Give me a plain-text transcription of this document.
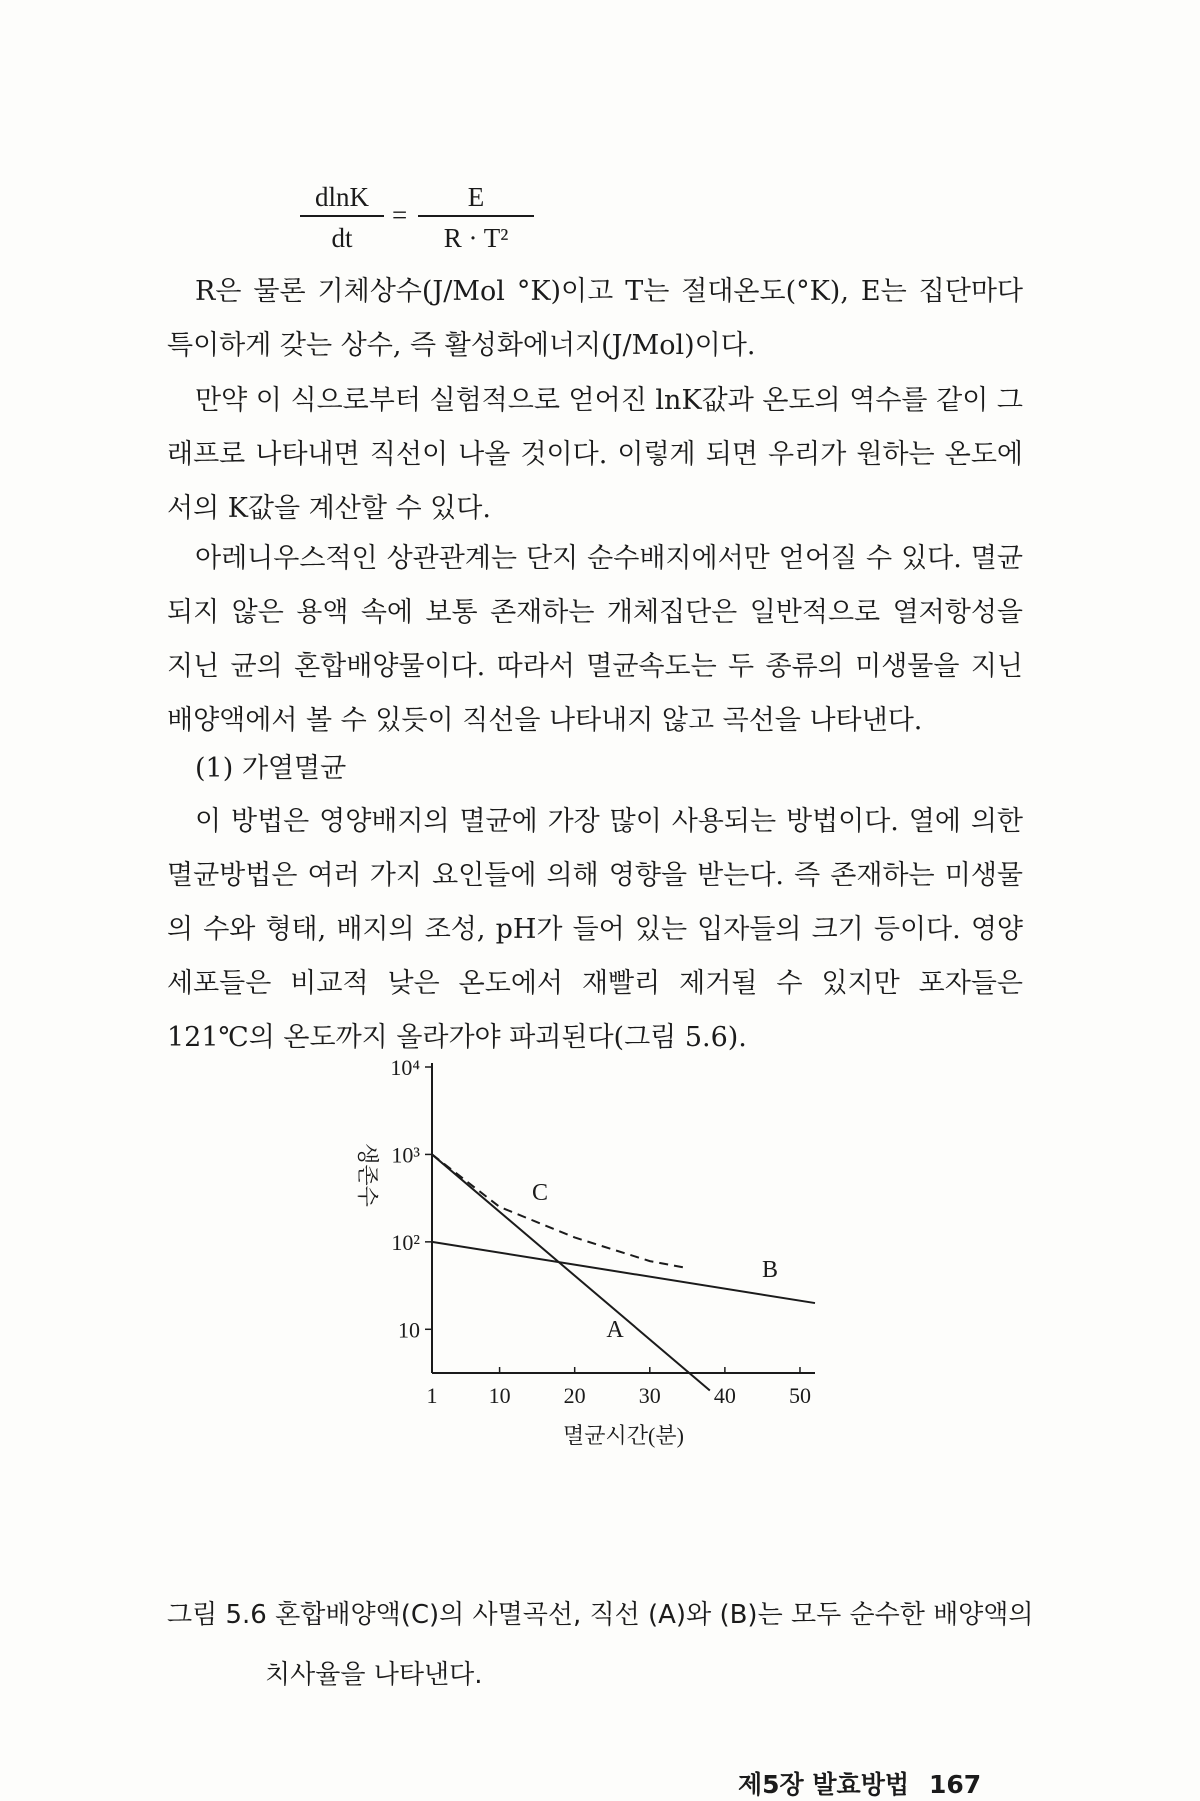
dlnK
dt
=
E
R · T²

R은 물론 기체상수(J/Mol °K)이고 T는 절대온도(°K), E는 집단마다 특이하게 갖는 상수, 즉 활성화에너지(J/Mol)이다.

만약 이 식으로부터 실험적으로 얻어진 lnK값과 온도의 역수를 같이 그래프로 나타내면 직선이 나올 것이다. 이렇게 되면 우리가 원하는 온도에서의 K값을 계산할 수 있다.

아레니우스적인 상관관계는 단지 순수배지에서만 얻어질 수 있다. 멸균되지 않은 용액 속에 보통 존재하는 개체집단은 일반적으로 열저항성을 지닌 균의 혼합배양물이다. 따라서 멸균속도는 두 종류의 미생물을 지닌 배양액에서 볼 수 있듯이 직선을 나타내지 않고 곡선을 나타낸다.

(1) 가열멸균

이 방법은 영양배지의 멸균에 가장 많이 사용되는 방법이다. 열에 의한 멸균방법은 여러 가지 요인들에 의해 영향을 받는다. 즉 존재하는 미생물의 수와 형태, 배지의 조성, pH가 들어 있는 입자들의 크기 등이다. 영양세포들은 비교적 낮은 온도에서 재빨리 제거될 수 있지만 포자들은 121℃의 온도까지 올라가야 파괴된다(그림 5.6).

1 10 20 30 40 50
10⁴
10³
10²
10
생존수
멸균시간(분)
A
B
C

그림 5.6 혼합배양액(C)의 사멸곡선, 직선 (A)와 (B)는 모두 순수한 배양액의
치사율을 나타낸다.

제5장 발효방법 167
